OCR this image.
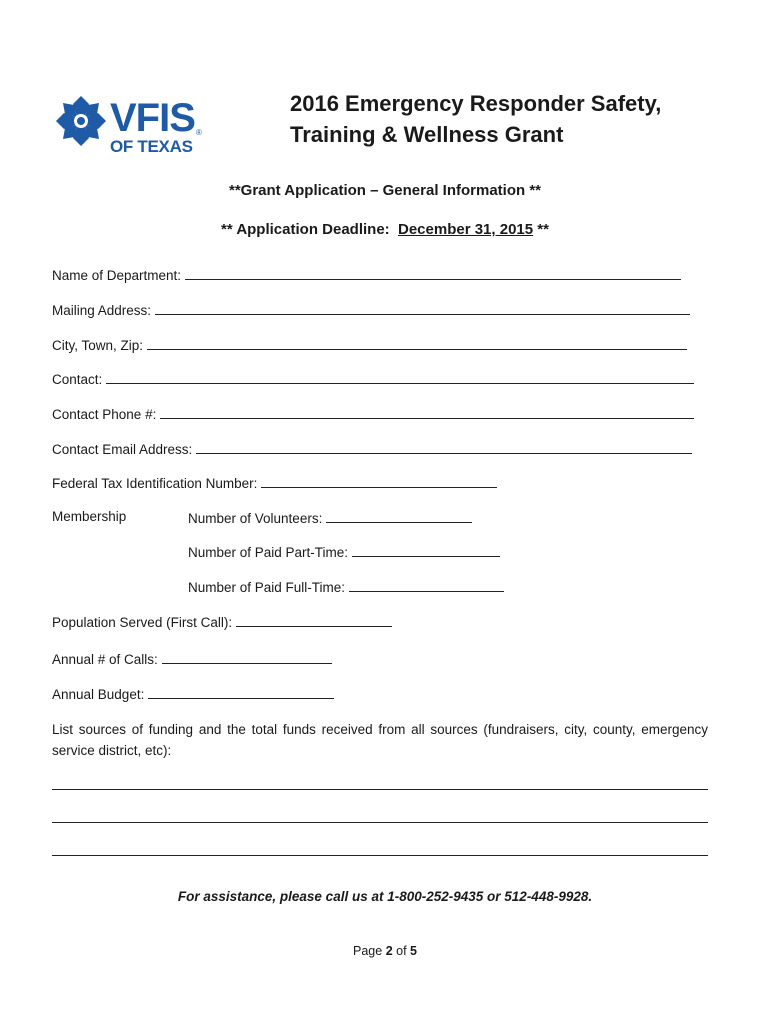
VFIS ®
OF TEXAS
2016 Emergency Responder Safety,
Training & Wellness Grant
**Grant Application – General Information **
** Application Deadline:  December 31, 2015 **
Name of Department:
Mailing Address:
City, Town, Zip:
Contact:
Contact Phone #:
Contact Email Address:
Federal Tax Identification Number:
Membership	Number of Volunteers:
Number of Paid Part-Time:
Number of Paid Full-Time:
Population Served (First Call):
Annual # of Calls:
Annual Budget:
List sources of funding and the total funds received from all sources (fundraisers, city, county, emergency service district, etc):
For assistance, please call us at 1-800-252-9435 or 512-448-9928.
Page 2 of 5
